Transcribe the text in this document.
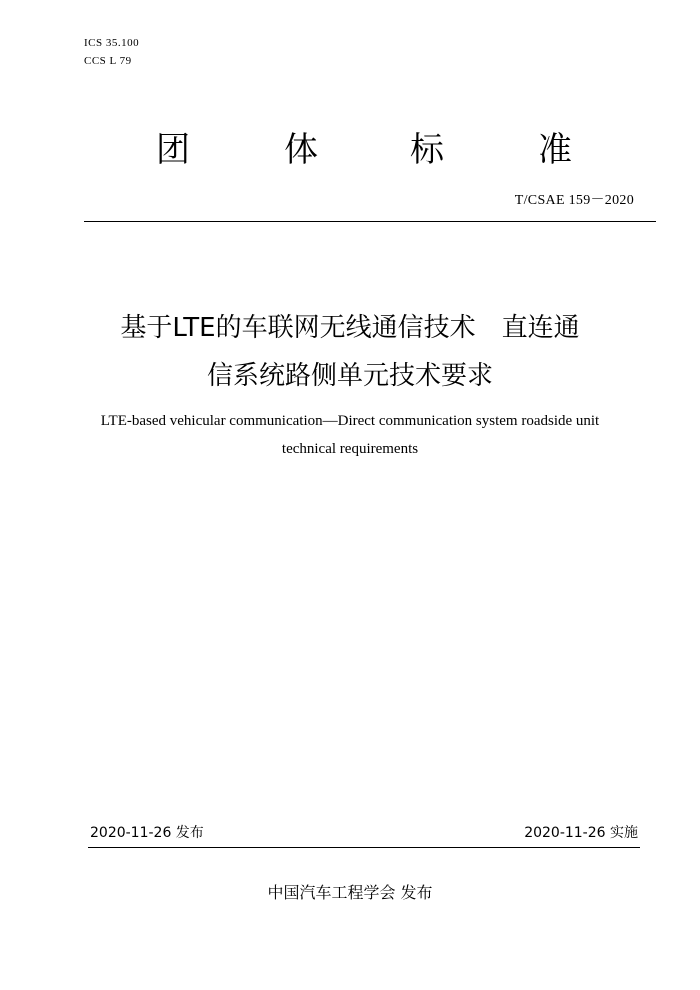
ICS 35.100
CCS L 79
团	体	标	准
T/CSAE 159－2020
基于LTE的车联网无线通信技术　直连通
信系统路侧单元技术要求
LTE-based vehicular communication—Direct communication system roadside unit
technical requirements
2020-11-26 发布	2020-11-26 实施
中国汽车工程学会 发布
